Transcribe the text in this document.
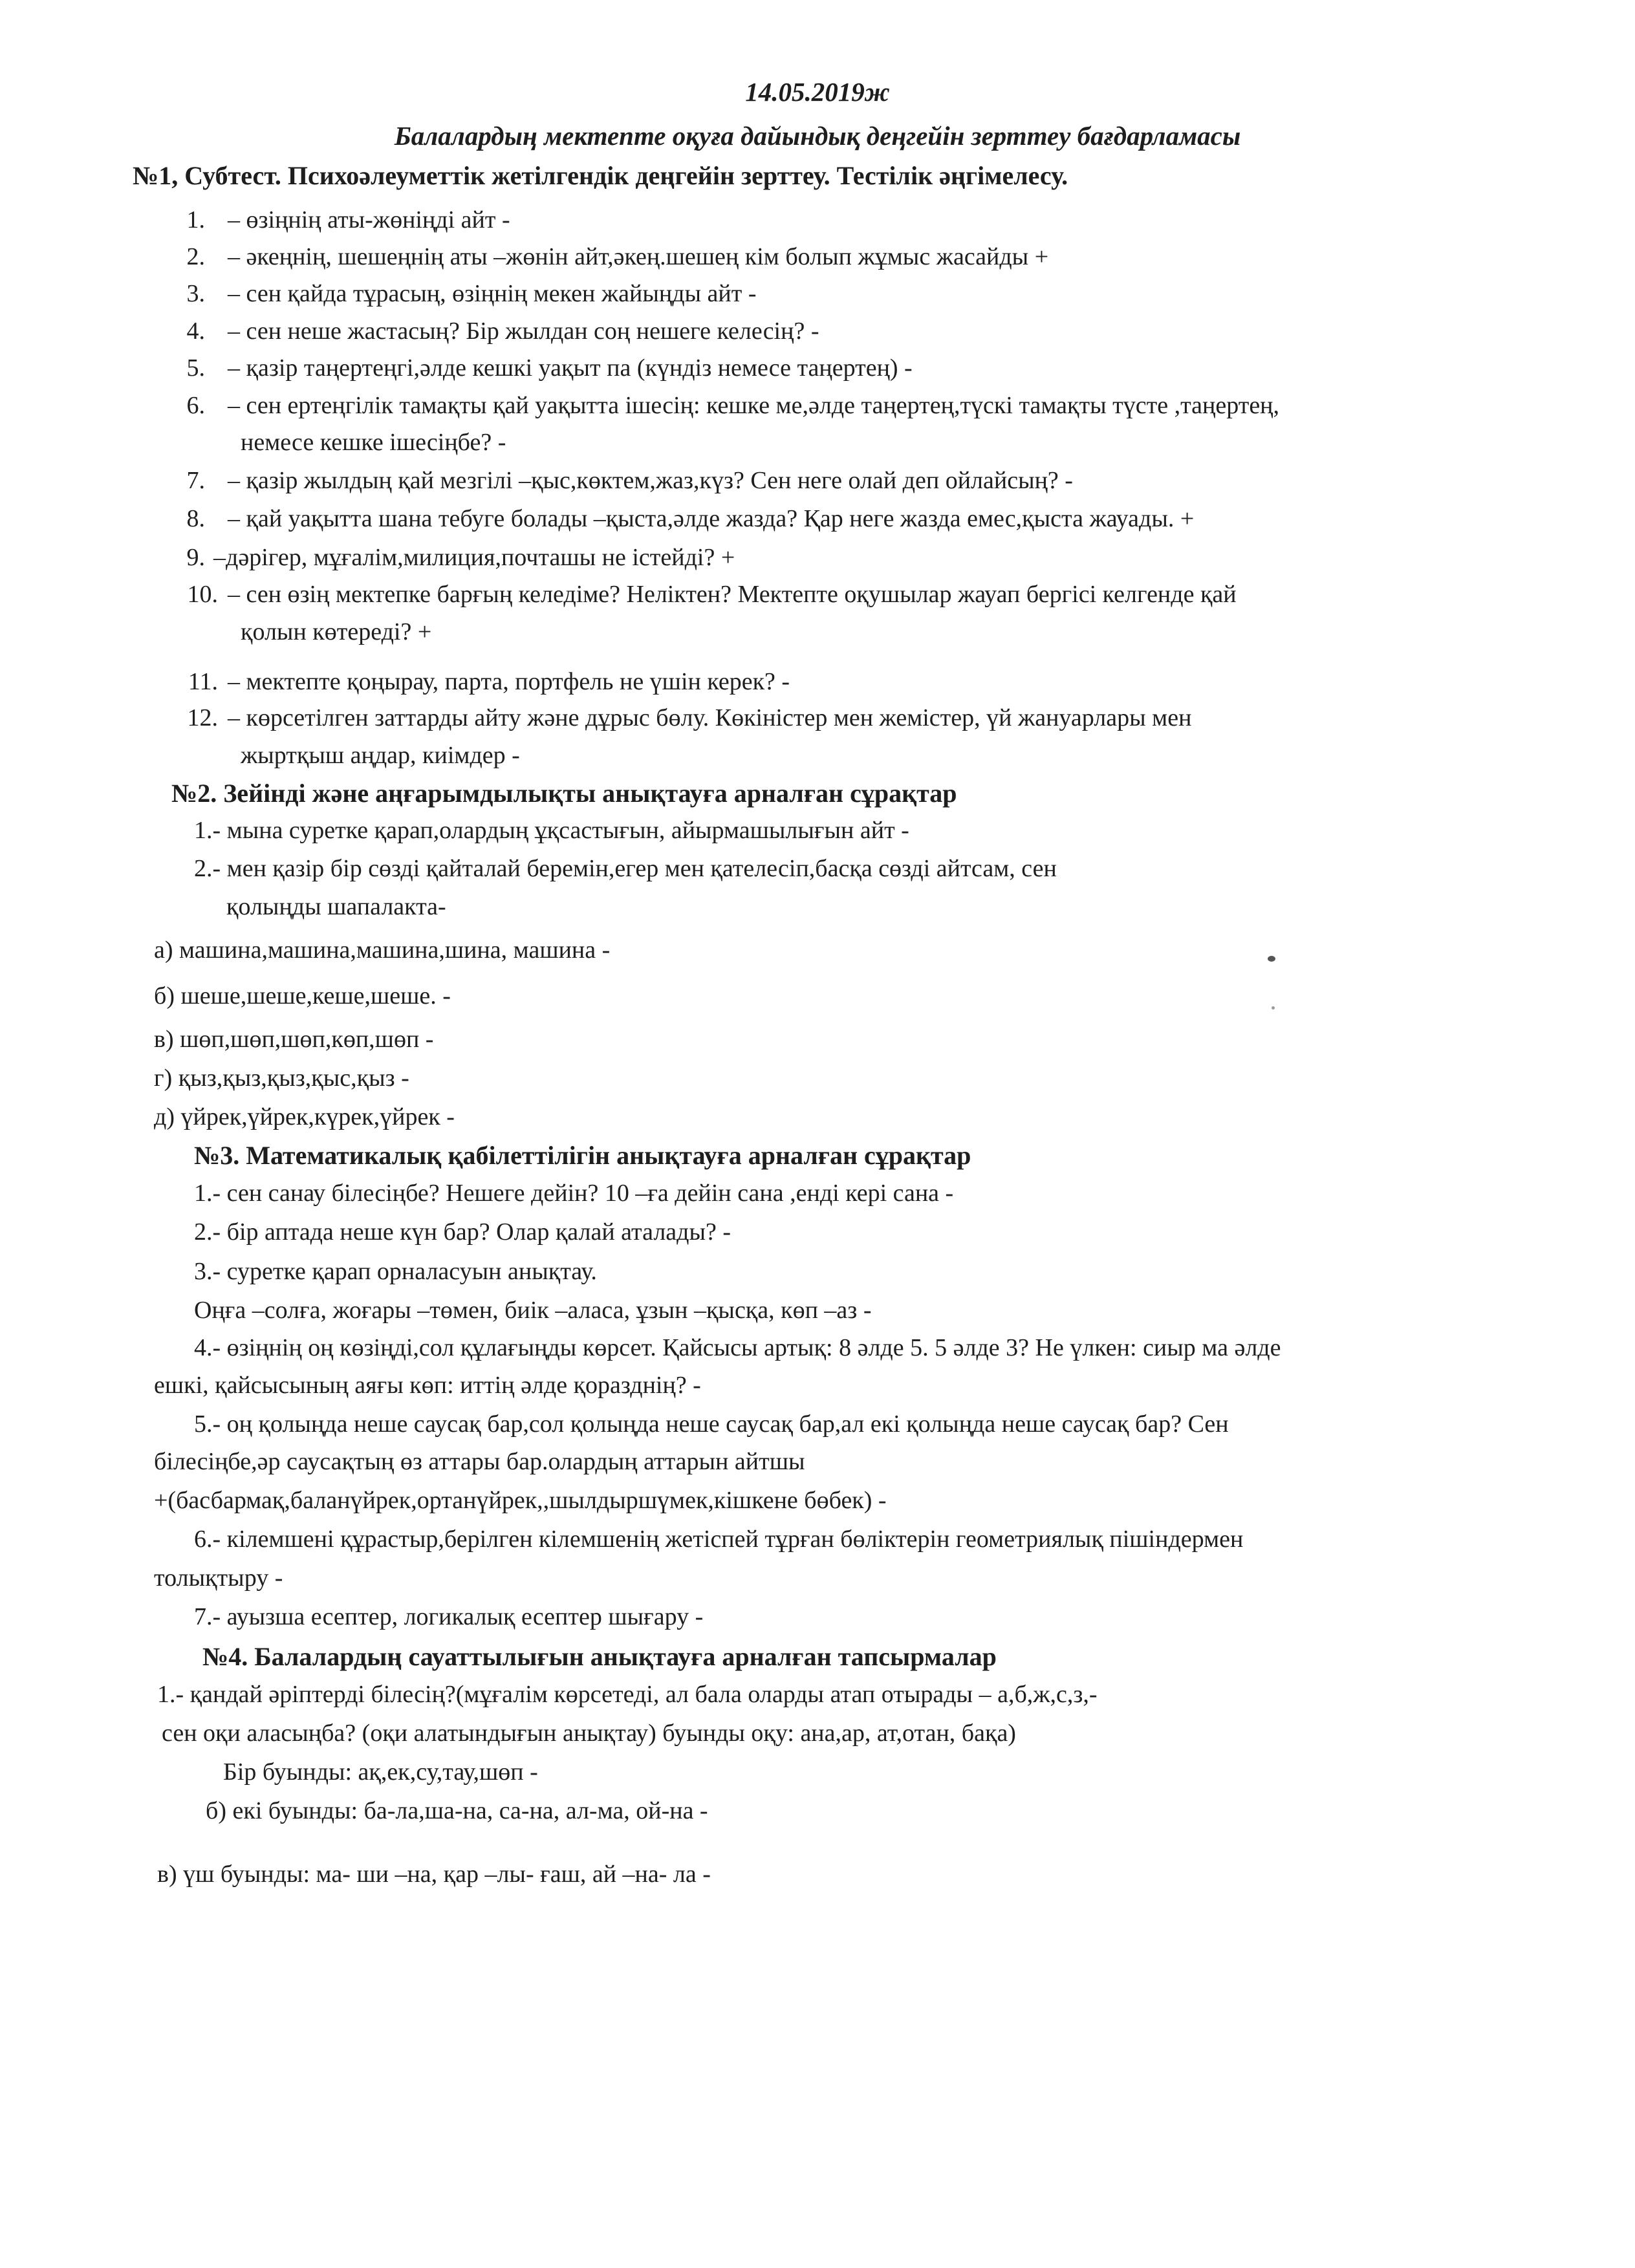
14.05.2019ж
Балалардың мектепте оқуға дайындық деңгейін зерттеу бағдарламасы
№1, Субтест. Психоәлеуметтік жетілгендік деңгейін зерттеу. Тестілік әңгімелесу.
1. – өзіңнің аты-жөніңді айт -
2. – әкеңнің, шешеңнің аты –жөнін айт,әкең.шешең кім болып жұмыс жасайды +
3. – сен қайда тұрасың, өзіңнің мекен жайыңды айт -
4. – сен неше жастасың? Бір жылдан соң нешеге келесің? -
5. – қазір таңертеңгі,әлде кешкі уақыт па (күндіз немесе таңертең) -
6. – сен ертеңгілік тамақты қай уақытта ішесің: кешке ме,әлде таңертең,түскі тамақты түсте ,таңертең,
немесе кешке ішесіңбе? -
7. – қазір жылдың қай мезгілі –қыс,көктем,жаз,күз? Сен неге олай деп ойлайсың? -
8. – қай уақытта шана тебуге болады –қыста,әлде жазда? Қар неге жазда емес,қыста жауады. +
9. –дәрігер, мұғалім,милиция,почташы не істейді? +
10. – сен өзің мектепке барғың келедіме? Неліктен? Мектепте оқушылар жауап бергісі келгенде қай
қолын көтереді? +
11. – мектепте қоңырау, парта, портфель не үшін керек? -
12. – көрсетілген заттарды айту және дұрыс бөлу. Көкіністер мен жемістер, үй жануарлары мен
жыртқыш аңдар, киімдер -
№2. Зейінді және аңғарымдылықты анықтауға арналған сұрақтар
1.- мына суретке қарап,олардың ұқсастығын, айырмашылығын айт -
2.- мен қазір бір сөзді қайталай беремін,егер мен қателесіп,басқа сөзді айтсам, сен
қолыңды шапалакта-
а) машина,машина,машина,шина, машина -
б) шеше,шеше,кеше,шеше. -
в) шөп,шөп,шөп,көп,шөп -
г) қыз,қыз,қыз,қыс,қыз -
д) үйрек,үйрек,күрек,үйрек -
№3. Математикалық қабілеттілігін анықтауға арналған сұрақтар
1.- сен санау білесіңбе? Нешеге дейін? 10 –ға дейін сана ,енді кері сана -
2.- бір аптада неше күн бар? Олар қалай аталады? -
3.- суретке қарап орналасуын анықтау.
Оңға –солға, жоғары –төмен, биік –аласа, ұзын –қысқа, көп –аз -
4.- өзіңнің оң көзіңді,сол құлағыңды көрсет. Қайсысы артық: 8 әлде 5. 5 әлде 3? Не үлкен: сиыр ма әлде
ешкі, қайсысының аяғы көп: иттің әлде қоразднің? -
5.- оң қолыңда неше саусақ бар,сол қолыңда неше саусақ бар,ал екі қолыңда неше саусақ бар? Сен
білесіңбе,әр саусақтың өз аттары бар.олардың аттарын айтшы
+(басбармақ,баланүйрек,ортанүйрек,,шылдыршүмек,кішкене бөбек) -
6.- кілемшені құрастыр,берілген кілемшенің жетіспей тұрған бөліктерін геометриялық пішіндермен
толықтыру -
7.- ауызша есептер, логикалық есептер шығару -
№4. Балалардың сауаттылығын анықтауға арналған тапсырмалар
1.- қандай әріптерді білесің?(мұғалім көрсетеді, ал бала оларды атап отырады – а,б,ж,с,з,-
сен оқи аласыңба? (оқи алатындығын анықтау) буынды оқу: ана,ар, ат,отан, бақа)
Бір буынды: ақ,ек,су,тау,шөп -
б) екі буынды: ба-ла,ша-на, са-на, ал-ма, ой-на -
в) үш буынды: ма- ши –на, қар –лы- ғаш, ай –на- ла -
